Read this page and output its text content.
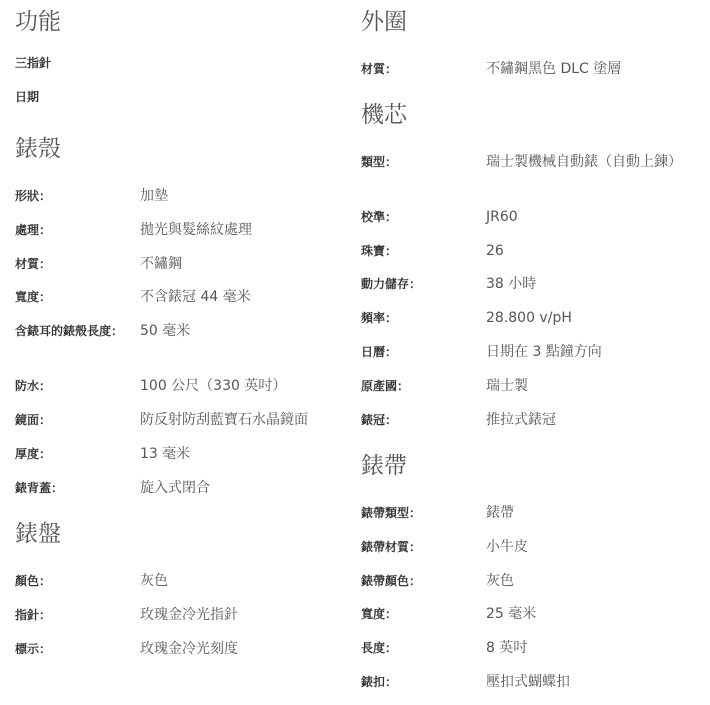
功能
三指針
日期
錶殼
形狀：	加墊
處理：	拋光與髮絲紋處理
材質：	不鏽鋼
寬度：	不含錶冠 44 毫米
含錶耳的錶殼長度： 50 毫米
防水：	100 公尺（330 英吋）
鏡面：	防反射防刮藍寶石水晶鏡面
厚度：	13 毫米
錶背蓋：	旋入式閉合
錶盤
顏色：	灰色
指針：	玫瑰金冷光指針
標示：	玫瑰金冷光刻度
外圈
材質：	不鏽鋼黑色 DLC 塗層
機芯
類型：	瑞士製機械自動錶（自動上鍊）
校準：	JR60
珠寶：	26
動力儲存：	38 小時
頻率：	28.800 v/pH
日曆：	日期在 3 點鐘方向
原產國：	瑞士製
錶冠：	推拉式錶冠
錶帶
錶帶類型：	錶帶
錶帶材質：	小牛皮
錶帶顏色：	灰色
寬度：	25 毫米
長度：	8 英吋
錶扣：	壓扣式蝴蝶扣
